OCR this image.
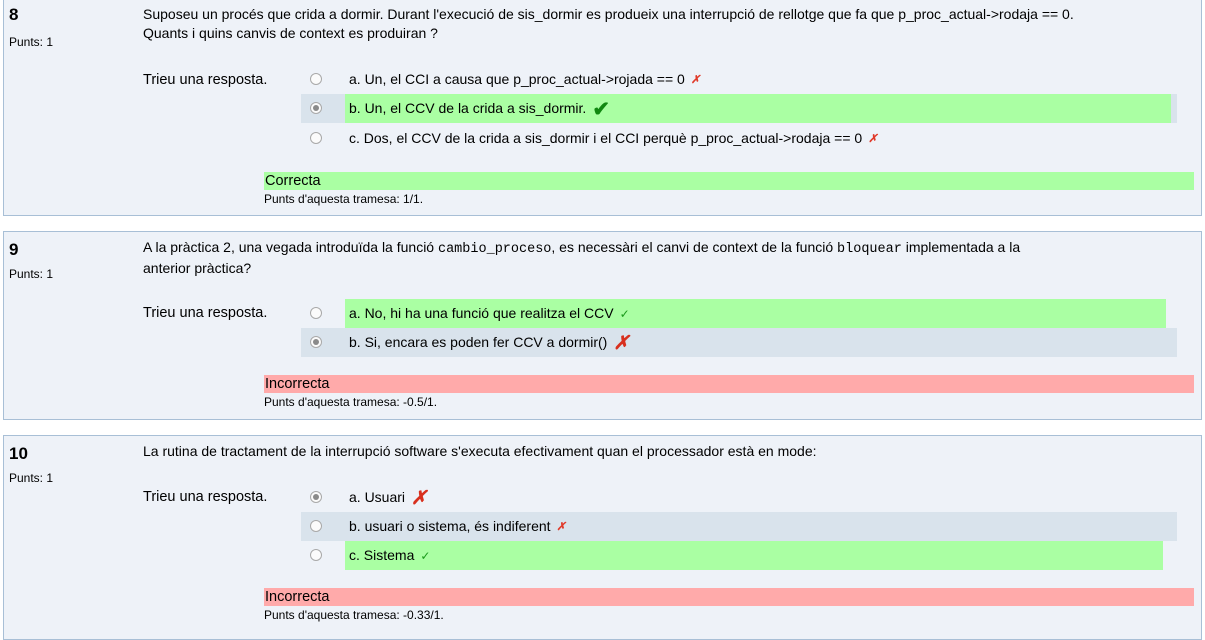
8
Punts: 1
Suposeu un procés que crida a dormir. Durant l'execució de sis_dormir es produeix una interrupció de rellotge que fa que p_proc_actual->rodaja == 0.
Quants i quins canvis de context es produiran ?
Trieu una resposta.	a. Un, el CCI a causa que p_proc_actual->rojada == 0 ✗
b. Un, el CCV de la crida a sis_dormir. ✔
c. Dos, el CCV de la crida a sis_dormir i el CCI perquè p_proc_actual->rodaja == 0 ✗
Correcta
Punts d'aquesta tramesa: 1/1.
9
Punts: 1
A la pràctica 2, una vegada introduïda la funció cambio_proceso, es necessàri el canvi de context de la funció bloquear implementada a la
anterior pràctica?
Trieu una resposta.	a. No, hi ha una funció que realitza el CCV ✓
b. Si, encara es poden fer CCV a dormir() ✗
Incorrecta
Punts d'aquesta tramesa: -0.5/1.
10
Punts: 1
La rutina de tractament de la interrupció software s'executa efectivament quan el processador està en mode:
Trieu una resposta.	a. Usuari ✗
b. usuari o sistema, és indiferent ✗
c. Sistema ✓
Incorrecta
Punts d'aquesta tramesa: -0.33/1.
